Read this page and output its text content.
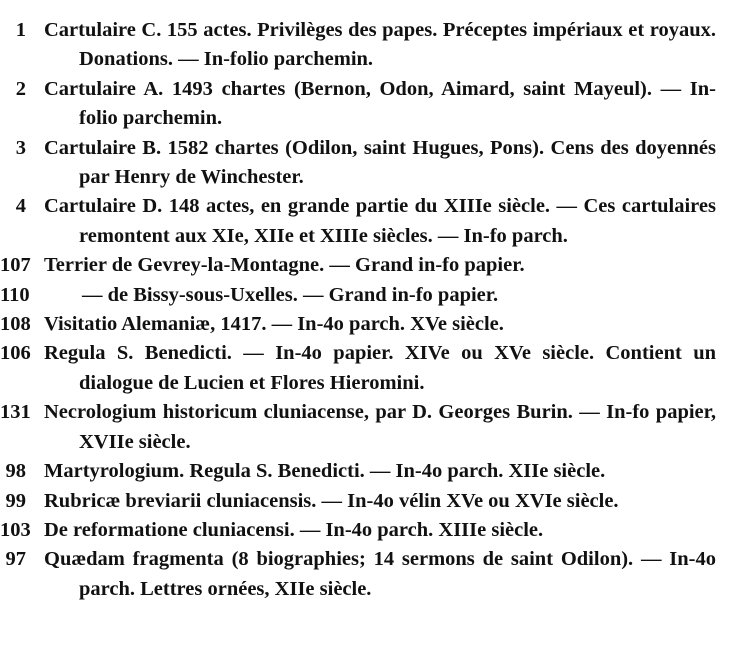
1 Cartulaire C. 155 actes. Privilèges des papes. Préceptes impériaux et royaux. Donations. — In-folio parchemin.
2 Cartulaire A. 1493 chartes (Bernon, Odon, Aimard, saint Mayeul). — In-folio parchemin.
3 Cartulaire B. 1582 chartes (Odilon, saint Hugues, Pons). Cens des doyennés par Henry de Winchester.
4 Cartulaire D. 148 actes, en grande partie du XIIIe siècle. — Ces cartulaires remontent aux XIe, XIIe et XIIIe siècles. — In-fo parch.
107 Terrier de Gevrey-la-Montagne. — Grand in-fo papier.
110	— de Bissy-sous-Uxelles. — Grand in-fo papier.
108 Visitatio Alemaniæ, 1417. — In-4o parch. XVe siècle.
106 Regula S. Benedicti. — In-4o papier. XIVe ou XVe siècle. Contient un dialogue de Lucien et Flores Hieromini.
131 Necrologium historicum cluniacense, par D. Georges Burin. — In-fo papier, XVIIe siècle.
98 Martyrologium. Regula S. Benedicti. — In-4o parch. XIIe siècle.
99 Rubricæ breviarii cluniacensis. — In-4o vélin XVe ou XVIe siècle.
103 De reformatione cluniacensi. — In-4o parch. XIIIe siècle.
97 Quædam fragmenta (8 biographies; 14 sermons de saint Odilon). — In-4o parch. Lettres ornées, XIIe siècle.
